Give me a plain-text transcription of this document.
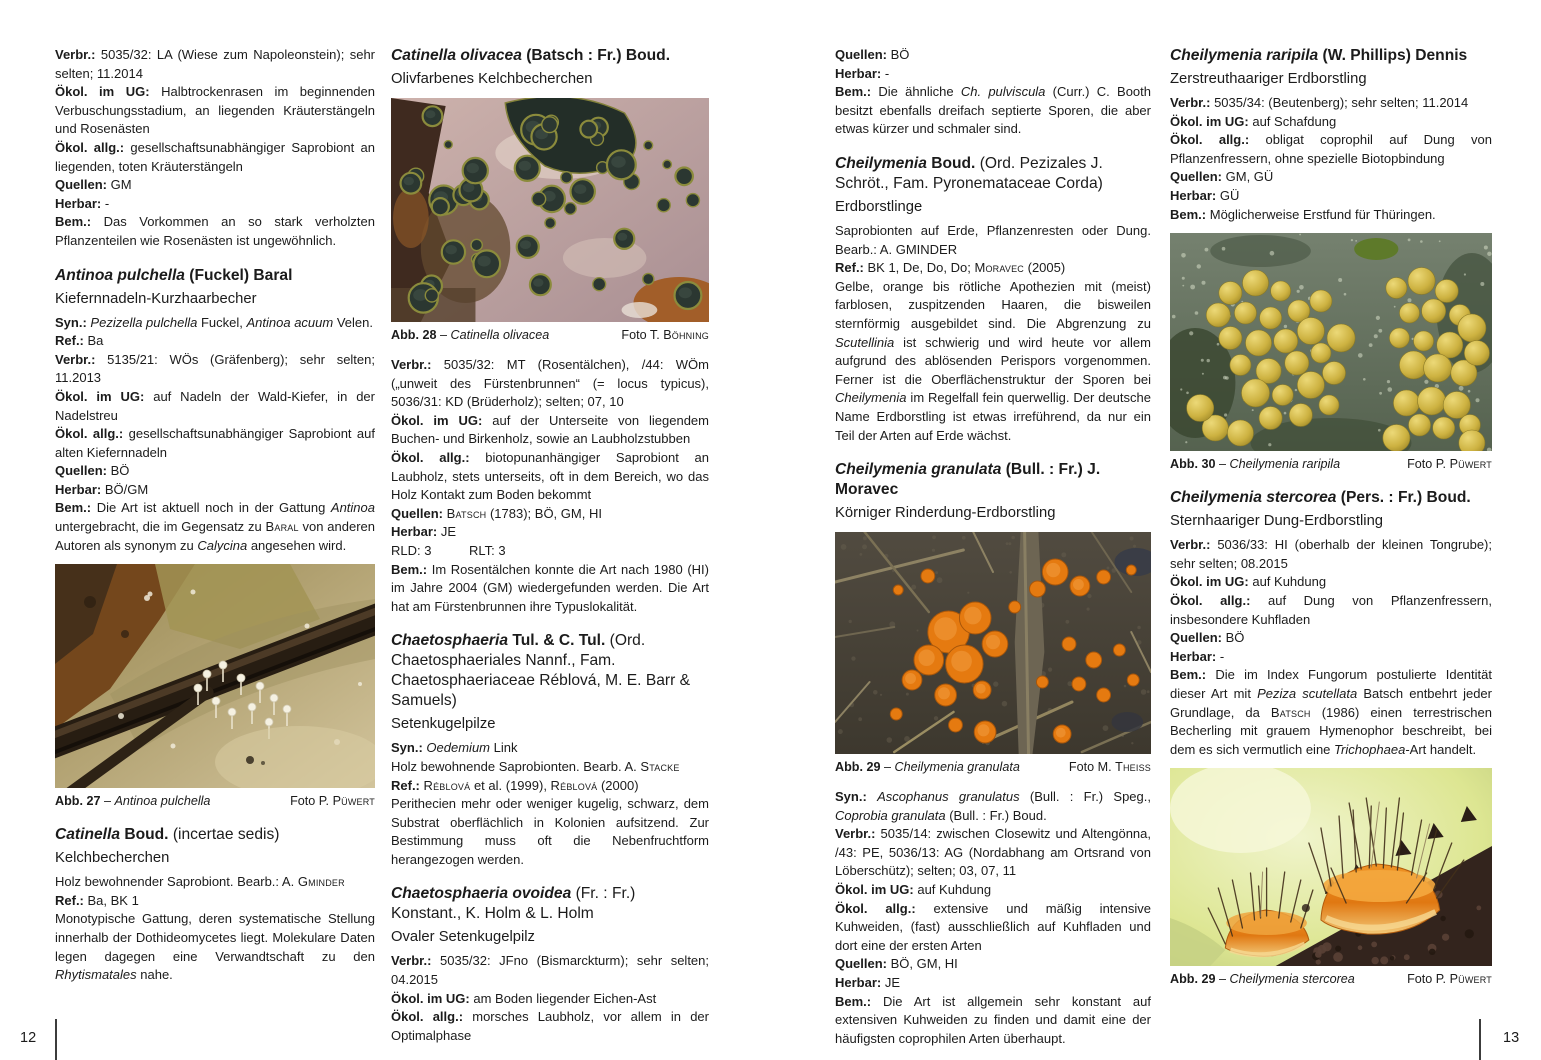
Verbr.: 5035/32: LA (Wiese zum Napoleonstein); sehr selten; 11.2014
Ökol. im UG: Halbtrockenrasen im beginnenden Verbuschungsstadium, an liegenden Kräuterstängeln und Rosenästen
Ökol. allg.: gesellschaftsunabhängiger Saprobiont an liegenden, toten Kräuterstängeln
Quellen: GM
Herbar: -
Bem.: Das Vorkommen an so stark verholzten Pflanzenteilen wie Rosenästen ist ungewöhnlich.
Antinoa pulchella (Fuckel) Baral
Kiefernnadeln-Kurzhaarbecher
Syn.: Pezizella pulchella Fuckel, Antinoa acuum Velen.
Ref.: Ba
Verbr.: 5135/21: WÖs (Gräfenberg); sehr selten; 11.2013
Ökol. im UG: auf Nadeln der Wald-Kiefer, in der Nadelstreu
Ökol. allg.: gesellschaftsunabhängiger Saprobiont auf alten Kiefernnadeln
Quellen: BÖ
Herbar: BÖ/GM
Bem.: Die Art ist aktuell noch in der Gattung Antinoa untergebracht, die im Gegensatz zu Baral von anderen Autoren als synonym zu Calycina angesehen wird.
Abb. 27 – Antinoa pulchella	Foto P. Püwert
Catinella Boud. (incertae sedis)
Kelchbecherchen
Holz bewohnender Saprobiont. Bearb.: A. Gminder
Ref.: Ba, BK 1
Monotypische Gattung, deren systematische Stellung innerhalb der Dothideomycetes liegt. Molekulare Daten legen dagegen eine Verwandtschaft zu den Rhytismatales nahe.
Catinella olivacea (Batsch : Fr.) Boud.
Olivfarbenes Kelchbecherchen
Abb. 28 – Catinella olivacea	Foto T. Böhning
Verbr.: 5035/32: MT (Rosentälchen), /44: WÖm („unweit des Fürstenbrunnen“ (= locus typicus), 5036/31: KD (Brüderholz); selten; 07, 10
Ökol. im UG: auf der Unterseite von liegendem Buchen- und Birkenholz, sowie an Laubholzstubben
Ökol. allg.: biotopunanhängiger Saprobiont an Laubholz, stets unterseits, oft in dem Bereich, wo das Holz Kontakt zum Boden bekommt
Quellen: Batsch (1783); BÖ, GM, HI
Herbar: JE
RLD: 3	RLT: 3
Bem.: Im Rosentälchen konnte die Art nach 1980 (HI) im Jahre 2004 (GM) wiedergefunden werden. Die Art hat am Fürstenbrunnen ihre Typuslokalität.
Chaetosphaeria Tul. & C. Tul. (Ord. Chaetosphaeriales Nannf., Fam. Chaetosphaeriaceae Réblová, M. E. Barr & Samuels)
Setenkugelpilze
Syn.: Oedemium Link
Holz bewohnende Saprobionten. Bearb. A. Stacke
Ref.: Réblová et al. (1999), Réblová (2000)
Perithecien mehr oder weniger kugelig, schwarz, dem Substrat oberflächlich in Kolonien aufsitzend. Zur Bestimmung muss oft die Nebenfruchtform herangezogen werden.
Chaetosphaeria ovoidea (Fr. : Fr.) Konstant., K. Holm & L. Holm
Ovaler Setenkugelpilz
Verbr.: 5035/32: JFno (Bismarckturm); sehr selten; 04.2015
Ökol. im UG: am Boden liegender Eichen-Ast
Ökol. allg.: morsches Laubholz, vor allem in der Optimalphase
Quellen: BÖ
Herbar: -
Bem.: Die ähnliche Ch. pulviscula (Curr.) C. Booth besitzt ebenfalls dreifach septierte Sporen, die aber etwas kürzer und schmaler sind.
Cheilymenia Boud. (Ord. Pezizales J. Schröt., Fam. Pyronemataceae Corda)
Erdborstlinge
Saprobionten auf Erde, Pflanzenresten oder Dung. Bearb.: A. GMINDER
Ref.: BK 1, De, Do, Do; Moravec (2005)
Gelbe, orange bis rötliche Apothezien mit (meist) farblosen, zuspitzenden Haaren, die bisweilen sternförmig ausgebildet sind. Die Abgrenzung zu Scutellinia ist schwierig und wird heute vor allem aufgrund des ablösenden Perispors vorgenommen. Ferner ist die Oberflächenstruktur der Sporen bei Cheilymenia im Regelfall fein querwellig. Der deutsche Name Erdborstling ist etwas irreführend, da nur ein Teil der Arten auf Erde wächst.
Cheilymenia granulata (Bull. : Fr.) J. Moravec
Körniger Rinderdung-Erdborstling
Abb. 29 – Cheilymenia granulata	Foto M. Theiss
Syn.: Ascophanus granulatus (Bull. : Fr.) Speg., Coprobia granulata (Bull. : Fr.) Boud.
Verbr.: 5035/14: zwischen Closewitz und Altengönna, /43: PE, 5036/13: AG (Nordabhang am Ortsrand von Löberschütz); selten; 03, 07, 11
Ökol. im UG: auf Kuhdung
Ökol. allg.: extensive und mäßig intensive Kuhweiden, (fast) ausschließlich auf Kuhfladen und dort eine der ersten Arten
Quellen: BÖ, GM, HI
Herbar: JE
Bem.: Die Art ist allgemein sehr konstant auf extensiven Kuhweiden zu finden und damit eine der häufigsten coprophilen Arten überhaupt.
Cheilymenia raripila (W. Phillips) Dennis
Zerstreuthaariger Erdborstling
Verbr.: 5035/34: (Beutenberg); sehr selten; 11.2014
Ökol. im UG: auf Schafdung
Ökol. allg.: obligat coprophil auf Dung von Pflanzenfressern, ohne spezielle Biotopbindung
Quellen: GM, GÜ
Herbar: GÜ
Bem.: Möglicherweise Erstfund für Thüringen.
Abb. 30 – Cheilymenia raripila	Foto P. Püwert
Cheilymenia stercorea (Pers. : Fr.) Boud.
Sternhaariger Dung-Erdborstling
Verbr.: 5036/33: HI (oberhalb der kleinen Tongrube); sehr selten; 08.2015
Ökol. im UG: auf Kuhdung
Ökol. allg.: auf Dung von Pflanzenfressern, insbesondere Kuhfladen
Quellen: BÖ
Herbar: -
Bem.: Die im Index Fungorum postulierte Identität dieser Art mit Peziza scutellata Batsch entbehrt jeder Grundlage, da Batsch (1986) einen terrestrischen Becherling mit grauem Hymenophor beschreibt, bei dem es sich vermutlich eine Trichophaea-Art handelt.
Abb. 29 – Cheilymenia stercorea	Foto P. Püwert
12	13
